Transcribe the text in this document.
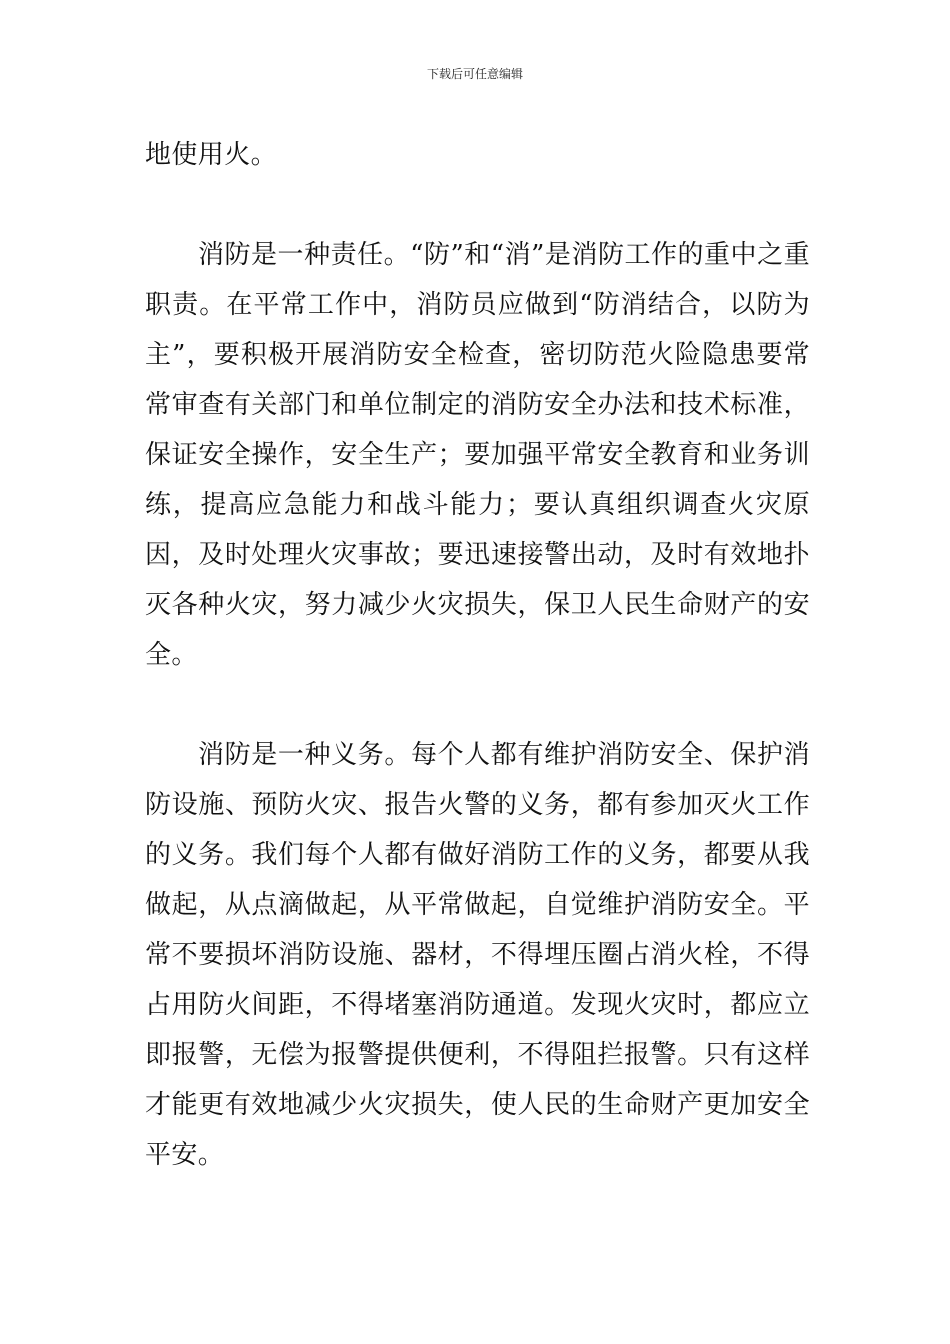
下载后可任意编辑

地使用火。

消防是一种责任。“防”和“消”是消防工作的重中之重职责。在平常工作中，消防员应做到“防消结合，以防为主”，要积极开展消防安全检查，密切防范火险隐患要常常审查有关部门和单位制定的消防安全办法和技术标准，保证安全操作，安全生产；要加强平常安全教育和业务训练，提高应急能力和战斗能力；要认真组织调查火灾原因，及时处理火灾事故；要迅速接警出动，及时有效地扑灭各种火灾，努力减少火灾损失，保卫人民生命财产的安全。

消防是一种义务。每个人都有维护消防安全、保护消防设施、预防火灾、报告火警的义务，都有参加灭火工作的义务。我们每个人都有做好消防工作的义务，都要从我做起，从点滴做起，从平常做起，自觉维护消防安全。平常不要损坏消防设施、器材，不得埋压圈占消火栓，不得占用防火间距，不得堵塞消防通道。发现火灾时，都应立即报警，无偿为报警提供便利，不得阻拦报警。只有这样才能更有效地减少火灾损失，使人民的生命财产更加安全平安。
